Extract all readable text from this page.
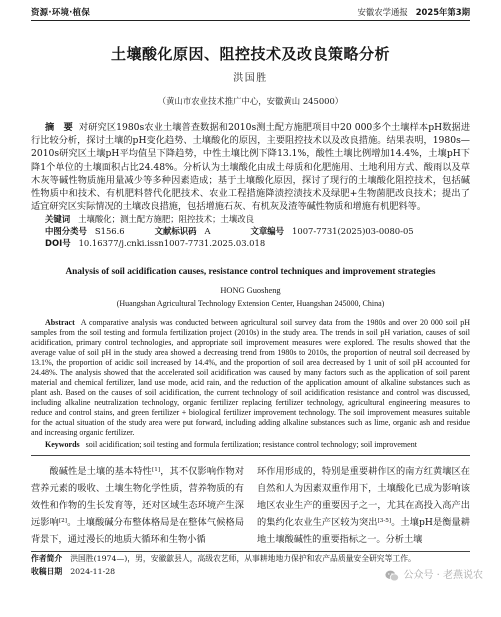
资源·环境·植保	安徽农学通报 2025年第3期
土壤酸化原因、阻控技术及改良策略分析
洪国胜
（黄山市农业技术推广中心，安徽黄山 245000）
摘　要 对研究区1980s农业土壤普查数据和2010s测土配方施肥项目中20 000多个土壤样本pH数据进行比较分析，探讨土壤的pH变化趋势、土壤酸化的原因，主要阻控技术以及改良措施。结果表明，1980s—2010s研究区土壤pH平均值呈下降趋势，中性土壤比例下降13.1%，酸性土壤比例增加14.4%，土壤pH下降1个单位的土壤面积占比24.48%。分析认为土壤酸化由成土母质和化肥施用、土地利用方式、酸雨以及草木灰等碱性物质施用量减少等多种因素造成；基于土壤酸化原因，探讨了现行的土壤酸化阻控技术，包括碱性物质中和技术、有机肥料替代化肥技术、农业工程措施降渍控渍技术及绿肥+生物菌肥改良技术；提出了适宜研究区实际情况的土壤改良措施，包括增施石灰、有机灰及渣等碱性物质和增施有机肥料等。
关键词 土壤酸化；测土配方施肥；阻控技术；土壤改良
中图分类号 S156.6	文献标识码 A	文章编号 1007-7731(2025)03-0080-05
DOI号 10.16377/j.cnki.issn1007-7731.2025.03.018
Analysis of soil acidification causes, resistance control techniques and improvement strategies
HONG Guosheng
(Huangshan Agricultural Technology Extension Center, Huangshan 245000, China)
Abstract A comparative analysis was conducted between agricultural soil survey data from the 1980s and over 20 000 soil pH samples from the soil testing and formula fertilization project (2010s) in the study area. The trends in soil pH variation, causes of soil acidification, primary control technologies, and appropriate soil improvement measures were explored. The results showed that the average value of soil pH in the study area showed a decreasing trend from 1980s to 2010s, the proportion of neutral soil decreased by 13.1%, the proportion of acidic soil increased by 14.4%, and the proportion of soil area decreased by 1 unit of soil pH accounted for 24.48%. The analysis showed that the accelerated soil acidification was caused by many factors such as the application of soil parent material and chemical fertilizer, land use mode, acid rain, and the reduction of the application amount of alkaline substances such as plant ash. Based on the causes of soil acidification, the current technology of soil acidification resistance and control was discussed, including alkaline neutralization technology, organic fertilizer replacing fertilizer technology, agricultural engineering measures to reduce and control stains, and green fertilizer + biological fertilizer improvement technology. The soil improvement measures suitable for the actual situation of the study area were put forward, including adding alkaline substances such as lime, organic ash and residue and increasing organic fertilizer.
Keywords soil acidification; soil testing and formula fertilization; resistance control technology; soil improvement
酸碱性是土壤的基本特性[1]，其不仅影响作物对营养元素的吸收、土壤生物化学性质，营养物质的有效性和作物的生长发育等，还对区域生态环境产生深远影响[2]。土壤酸碱分布整体格局是在整体气候格局背景下，通过漫长的地质大循环和生物小循
环作用形成的，特别是重要耕作区的南方红黄壤区在自然和人为因素双重作用下，土壤酸化已成为影响该地区农业生产的重要因子之一，尤其在高投入高产出的集约化农业生产区较为突出[3-5]。土壤pH是衡量耕地土壤酸碱性的重要指标之一。分析土壤
作者简介 洪国胜(1974—)，男，安徽歙县人，高级农艺师，从事耕地地力保护和农产品质量安全研究等工作。
收稿日期 2024-11-28	公众号 · 老燕说农
